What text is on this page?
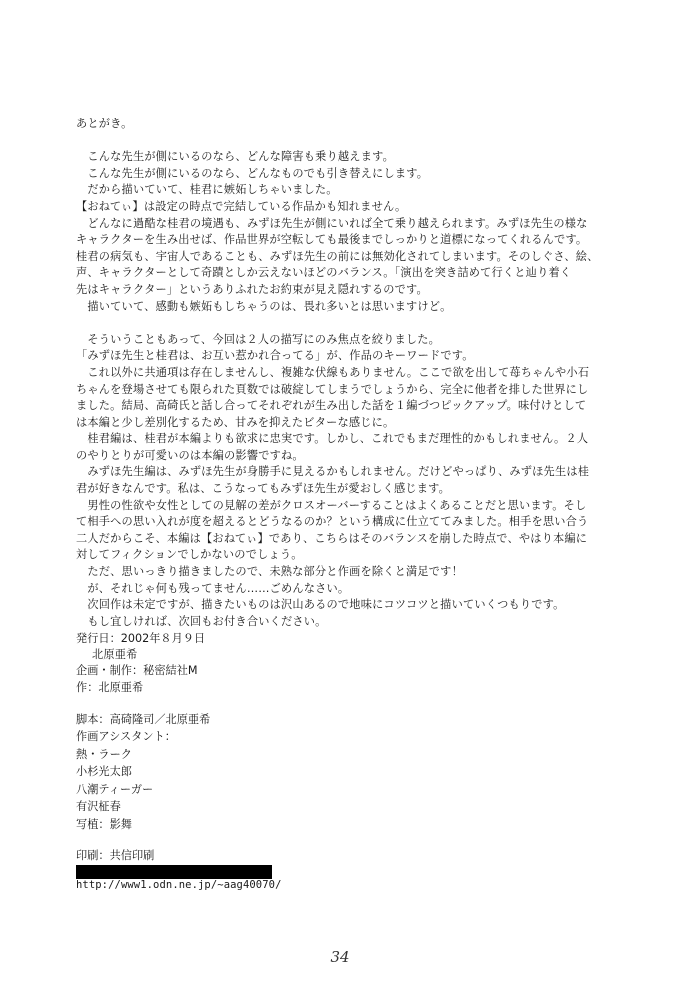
あとがき。
　こんな先生が側にいるのなら、どんな障害も乗り越えます。
　こんな先生が側にいるのなら、どんなものでも引き替えにします。
　だから描いていて、桂君に嫉妬しちゃいました。
【おねてぃ】は設定の時点で完結している作品かも知れません。
　どんなに過酷な桂君の境遇も、みずほ先生が側にいれば全て乗り越えられます。みずほ先生の様な
キャラクターを生み出せば、作品世界が空転しても最後までしっかりと道標になってくれるんです。
桂君の病気も、宇宙人であることも、みずほ先生の前には無効化されてしまいます。そのしぐさ、絵、
声、キャラクターとして奇蹟としか云えないほどのバランス。「演出を突き詰めて行くと辿り着く
先はキャラクター」というありふれたお約束が見え隠れするのです。
　描いていて、感動も嫉妬もしちゃうのは、畏れ多いとは思いますけど。
　そういうこともあって、今回は２人の描写にのみ焦点を絞りました。
「みずほ先生と桂君は、お互い惹かれ合ってる」が、作品のキーワードです。
　これ以外に共通項は存在しませんし、複雑な伏線もありません。ここで欲を出して苺ちゃんや小石
ちゃんを登場させても限られた頁数では破綻してしまうでしょうから、完全に他者を排した世界にし
ました。結局、高碕氏と話し合ってそれぞれが生み出した話を１編づつピックアップ。味付けとして
は本編と少し差別化するため、甘みを抑えたビターな感じに。
　桂君編は、桂君が本編よりも欲求に忠実です。しかし、これでもまだ理性的かもしれません。２人
のやりとりが可愛いのは本編の影響ですね。
　みずほ先生編は、みずほ先生が身勝手に見えるかもしれません。だけどやっぱり、みずほ先生は桂
君が好きなんです。私は、こうなってもみずほ先生が愛おしく感じます。
　男性の性欲や女性としての見解の差がクロスオーバーすることはよくあることだと思います。そし
て相手への思い入れが度を超えるとどうなるのか？という構成に仕立ててみました。相手を思い合う
二人だからこそ、本編は【おねてぃ】であり、こちらはそのバランスを崩した時点で、やはり本編に
対してフィクションでしかないのでしょう。
　ただ、思いっきり描きましたので、未熟な部分と作画を除くと満足です！
　が、それじゃ何も残ってません……ごめんなさい。
　次回作は未定ですが、描きたいものは沢山あるので地味にコツコツと描いていくつもりです。
　もし宜しければ、次回もお付き合いください。
北原亜希
発行日：2002年８月９日
企画・制作：秘密結社M
作：北原亜希
脚本：高碕隆司／北原亜希
作画アシスタント：
熱・ラーク
小杉光太郎
八潮ティーガー
有沢柾春
写植：影舞
印刷：共信印刷
http://www1.odn.ne.jp/~aag40070/
34
